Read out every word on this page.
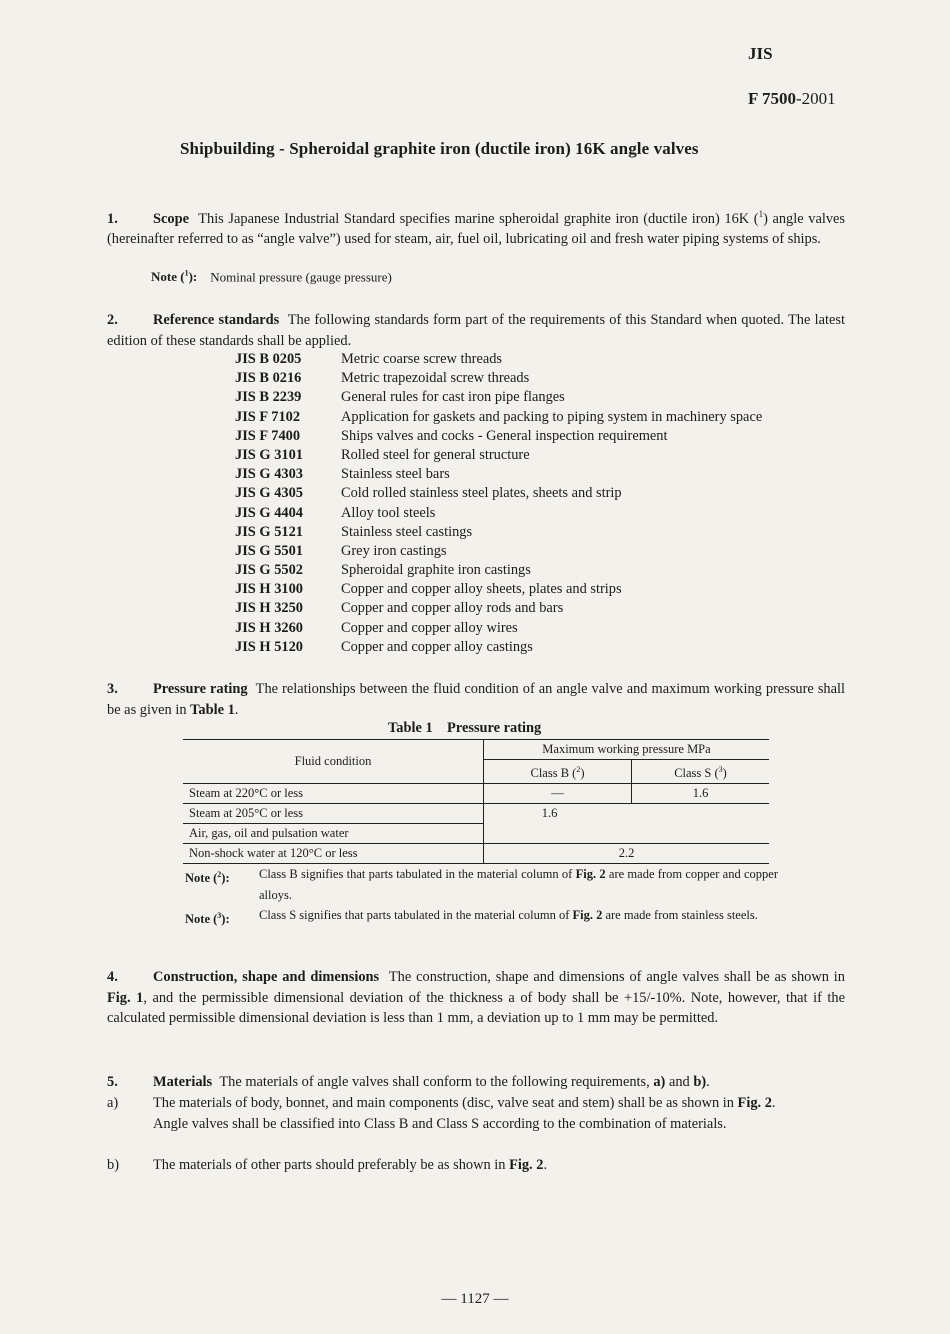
JIS
F 7500-2001
Shipbuilding - Spheroidal graphite iron (ductile iron) 16K angle valves
1. Scope This Japanese Industrial Standard specifies marine spheroidal graphite iron (ductile iron) 16K ($^1$) angle valves (hereinafter referred to as “angle valve”) used for steam, air, fuel oil, lubricating oil and fresh water piping systems of ships.
Note ($^1$): Nominal pressure (gauge pressure)
2. Reference standards The following standards form part of the requirements of this Standard when quoted. The latest edition of these standards shall be applied.
JIS B 0205	Metric coarse screw threads
JIS B 0216	Metric trapezoidal screw threads
JIS B 2239	General rules for cast iron pipe flanges
JIS F 7102	Application for gaskets and packing to piping system in machinery space
JIS F 7400	Ships valves and cocks - General inspection requirement
JIS G 3101	Rolled steel for general structure
JIS G 4303	Stainless steel bars
JIS G 4305	Cold rolled stainless steel plates, sheets and strip
JIS G 4404	Alloy tool steels
JIS G 5121	Stainless steel castings
JIS G 5501	Grey iron castings
JIS G 5502	Spheroidal graphite iron castings
JIS H 3100	Copper and copper alloy sheets, plates and strips
JIS H 3250	Copper and copper alloy rods and bars
JIS H 3260	Copper and copper alloy wires
JIS H 5120	Copper and copper alloy castings
3. Pressure rating The relationships between the fluid condition of an angle valve and maximum working pressure shall be as given in Table 1.
Table 1 Pressure rating
Fluid condition	Maximum working pressure MPa	
	Class B ($^2$)	Class S ($^3$)
Steam at 220°C or less	—	1.6
Steam at 205°C or less	1.6	
Air, gas, oil and pulsation water		
Non-shock water at 120°C or less	2.2	
Note ($^2$):	Class B signifies that parts tabulated in the material column of Fig. 2 are made from copper and copper alloys.
Note ($^3$):	Class S signifies that parts tabulated in the material column of Fig. 2 are made from stainless steels.
4. Construction, shape and dimensions The construction, shape and dimensions of angle valves shall be as shown in Fig. 1, and the permissible dimensional deviation of the thickness a of body shall be +15/-10%. Note, however, that if the calculated permissible dimensional deviation is less than 1 mm, a deviation up to 1 mm may be permitted.
5. Materials The materials of angle valves shall conform to the following requirements, a) and b).
a) The materials of body, bonnet, and main components (disc, valve seat and stem) shall be as shown in Fig. 2.
Angle valves shall be classified into Class B and Class S according to the combination of materials.
b) The materials of other parts should preferably be as shown in Fig. 2.
— 1127 —
